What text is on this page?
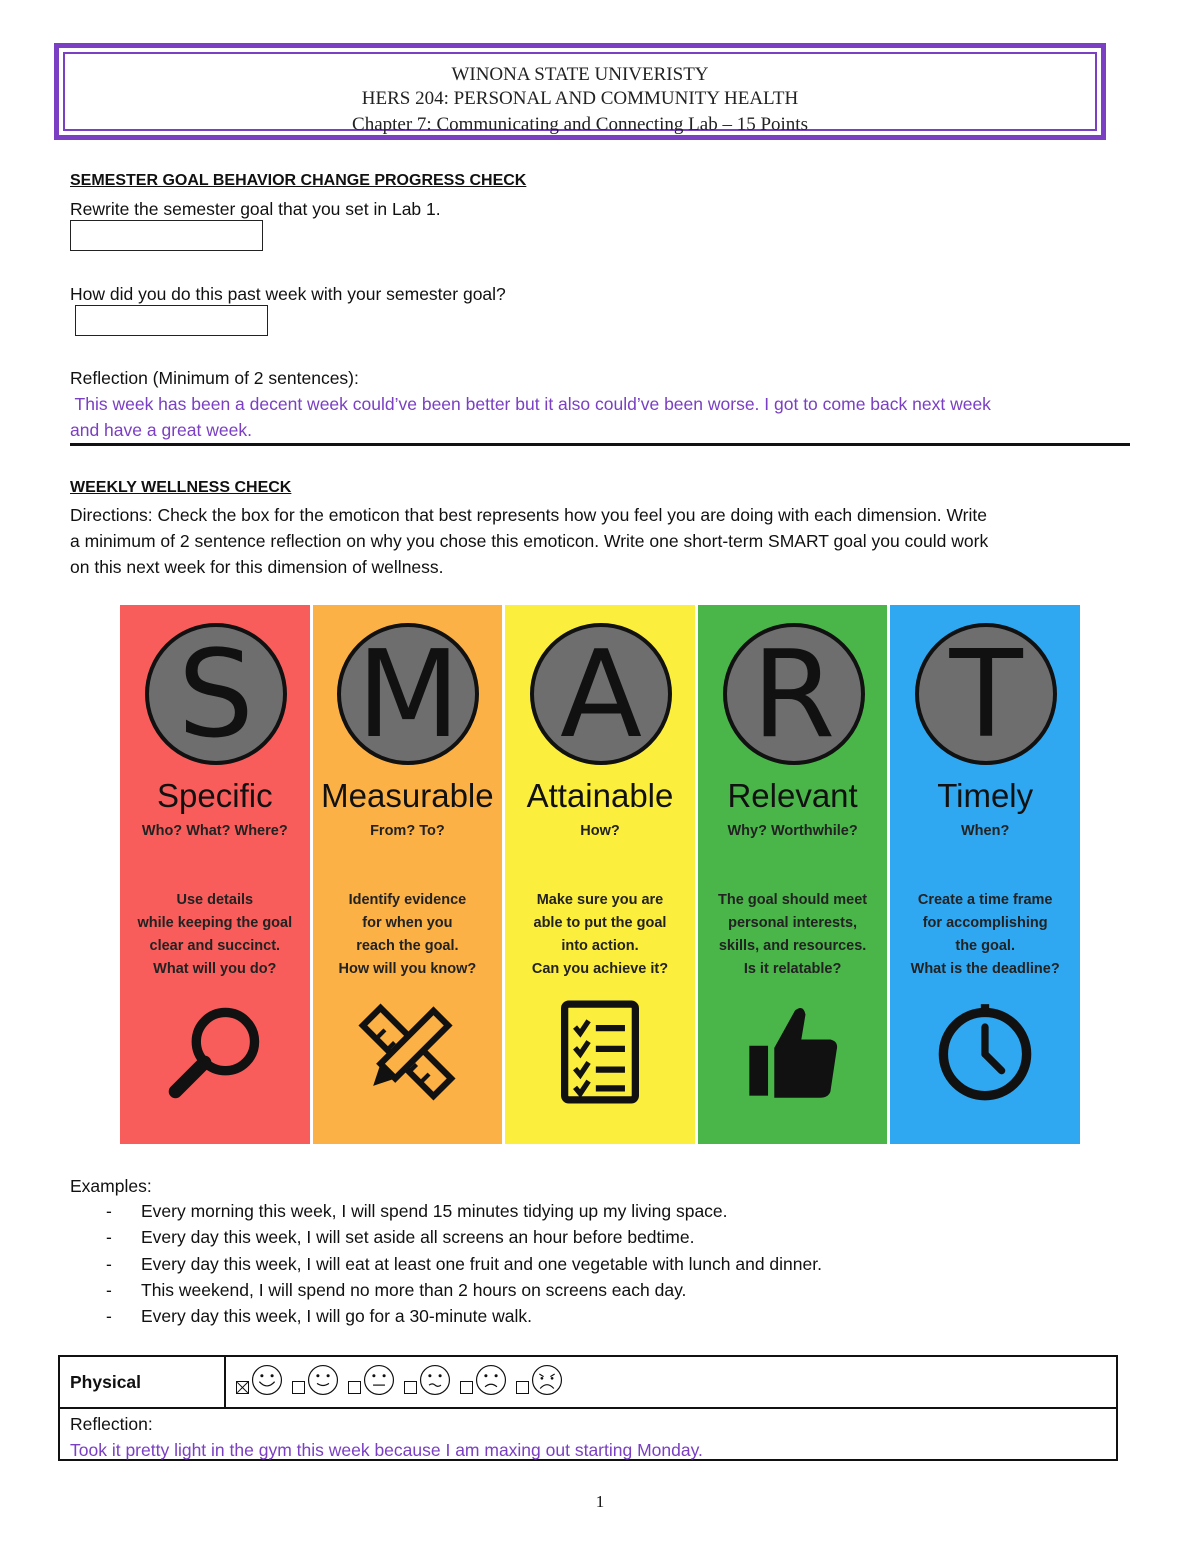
WINONA STATE UNIVERISTY
HERS 204: PERSONAL AND COMMUNITY HEALTH
Chapter 7: Communicating and Connecting Lab – 15 Points
SEMESTER GOAL BEHAVIOR CHANGE PROGRESS CHECK
Rewrite the semester goal that you set in Lab 1.
How did you do this past week with your semester goal?
Reflection (Minimum of 2 sentences):
This week has been a decent week could’ve been better but it also could’ve been worse. I got to come back next week
and have a great week.
WEEKLY WELLNESS CHECK
Directions: Check the box for the emoticon that best represents how you feel you are doing with each dimension. Write
a minimum of 2 sentence reflection on why you chose this emoticon. Write one short-term SMART goal you could work
on this next week for this dimension of wellness.
S
Specific
Who? What? Where?
Use details
while keeping the goal
clear and succinct.
What will you do?
M
Measurable
From? To?
Identify evidence
for when you
reach the goal.
How will you know?
A
Attainable
How?
Make sure you are
able to put the goal
into action.
Can you achieve it?
R
Relevant
Why? Worthwhile?
The goal should meet
personal interests,
skills, and resources.
Is it relatable?
T
Timely
When?
Create a time frame
for accomplishing
the goal.
What is the deadline?
Examples:
- Every morning this week, I will spend 15 minutes tidying up my living space.
- Every day this week, I will set aside all screens an hour before bedtime.
- Every day this week, I will eat at least one fruit and one vegetable with lunch and dinner.
- This weekend, I will spend no more than 2 hours on screens each day.
- Every day this week, I will go for a 30-minute walk.
Physical
Reflection:
Took it pretty light in the gym this week because I am maxing out starting Monday.
1
